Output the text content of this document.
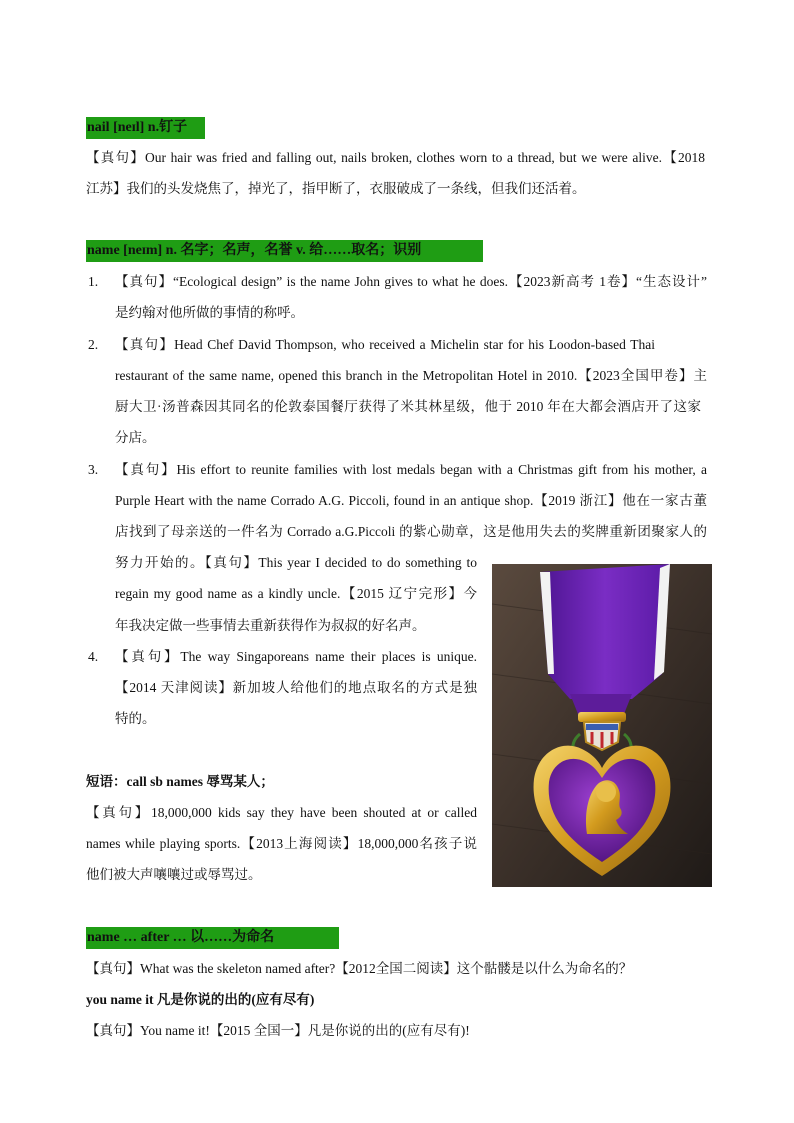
nail [neɪl] n.钉子
【真句】Our hair was fried and falling out, nails broken, clothes worn to a thread, but we were alive.【2018
江苏】我们的头发烧焦了，掉光了，指甲断了，衣服破成了一条线，但我们还活着。
name [neɪm] n. 名字；名声，名誉 v. 给……取名；识别
1. 【真句】“Ecological design” is the name John gives to what he does.【2023新高考 1卷】“生态设计”
是约翰对他所做的事情的称呼。
2. 【真句】Head Chef David Thompson, who received a Michelin star for his Loodon-based Thai
restaurant of the same name, opened this branch in the Metropolitan Hotel in 2010.【2023全国甲卷】主
厨大卫·汤普森因其同名的伦敦泰国餐厅获得了米其林星级，他于 2010 年在大都会酒店开了这家
分店。
3. 【真句】His effort to reunite families with lost medals began with a Christmas gift from his mother, a
Purple Heart with the name Corrado A.G. Piccoli, found in an antique shop.【2019 浙江】他在一家古董
店找到了母亲送的一件名为 Corrado a.G.Piccoli 的紫心勋章，这是他用失去的奖牌重新团聚家人的
努力开始的。【真句】This year I decided to do something to
regain my good name as a kindly uncle.【2015 辽宁完形】今
年我决定做一些事情去重新获得作为叔叔的好名声。
4. 【真句】The way Singaporeans name their places is unique.
【2014 天津阅读】新加坡人给他们的地点取名的方式是独
特的。
短语：call sb names 辱骂某人；
【真句】18,000,000 kids say they have been shouted at or called
names while playing sports.【2013上海阅读】18,000,000名孩子说
他们被大声嚷嚷过或辱骂过。
name … after … 以……为命名
【真句】What was the skeleton named after?【2012全国二阅读】这个骷髅是以什么为命名的？
you name it 凡是你说的出的(应有尽有)
【真句】You name it!【2015 全国一】凡是你说的出的(应有尽有)!
